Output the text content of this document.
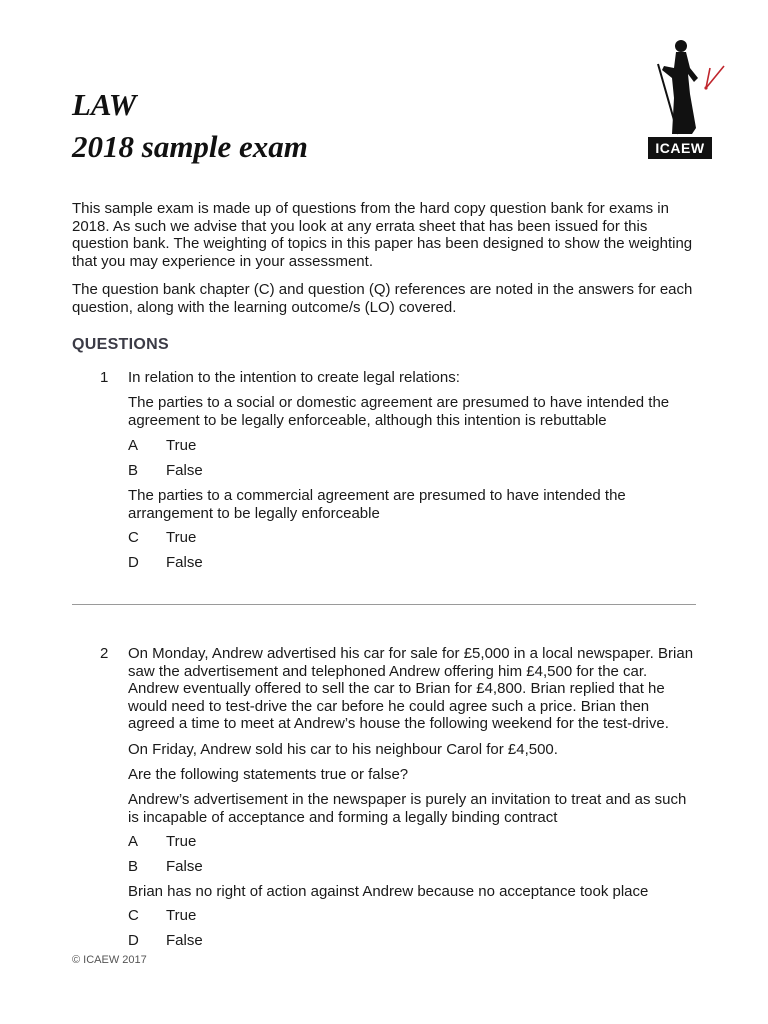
LAW
2018 sample exam	ICAEW
This sample exam is made up of questions from the hard copy question bank for exams in 2018. As such we advise that you look at any errata sheet that has been issued for this question bank. The weighting of topics in this paper has been designed to show the weighting that you may experience in your assessment.
The question bank chapter (C) and question (Q) references are noted in the answers for each question, along with the learning outcome/s (LO) covered.
QUESTIONS
1 In relation to the intention to create legal relations:
The parties to a social or domestic agreement are presumed to have intended the agreement to be legally enforceable, although this intention is rebuttable
A True
B False
The parties to a commercial agreement are presumed to have intended the arrangement to be legally enforceable
C True
D False
2 On Monday, Andrew advertised his car for sale for £5,000 in a local newspaper. Brian saw the advertisement and telephoned Andrew offering him £4,500 for the car. Andrew eventually offered to sell the car to Brian for £4,800. Brian replied that he would need to test-drive the car before he could agree such a price. Brian then agreed a time to meet at Andrew’s house the following weekend for the test-drive.
On Friday, Andrew sold his car to his neighbour Carol for £4,500.
Are the following statements true or false?
Andrew’s advertisement in the newspaper is purely an invitation to treat and as such is incapable of acceptance and forming a legally binding contract
A True
B False
Brian has no right of action against Andrew because no acceptance took place
C True
D False
© ICAEW 2017
